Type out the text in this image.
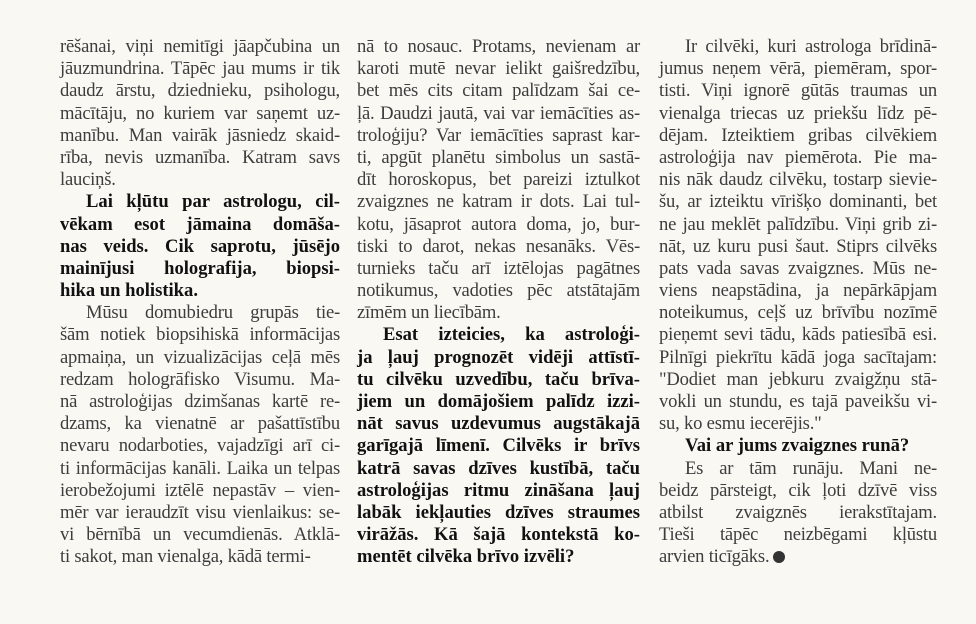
rēšanai, viņi nemitīgi jāapčubina un
jāuzmundrina. Tāpēc jau mums ir tik
daudz ārstu, dziednieku, psihologu,
mācītāju, no kuriem var saņemt uz-
manību. Man vairāk jāsniedz skaid-
rība, nevis uzmanība. Katram savs
lauciņš.
Lai kļūtu par astrologu, cil-
vēkam esot jāmaina domāša-
nas veids. Cik saprotu, jūsējo
mainījusi holografija, biopsi-
hika un holistika.
Mūsu domubiedru grupās tie-
šām notiek biopsihiskā informācijas
apmaiņa, un vizualizācijas ceļā mēs
redzam hologrāfisko Visumu. Ma-
nā astroloģijas dzimšanas kartē re-
dzams, ka vienatnē ar pašattīstību
nevaru nodarboties, vajadzīgi arī ci-
ti informācijas kanāli. Laika un telpas
ierobežojumi iztēlē nepastāv – vien-
mēr var ieraudzīt visu vienlaikus: se-
vi bērnībā un vecumdienās. Atklā-
ti sakot, man vienalga, kādā termi-
nā to nosauc. Protams, nevienam ar
karoti mutē nevar ielikt gaišredzību,
bet mēs cits citam palīdzam šai ce-
ļā. Daudzi jautā, vai var iemācīties as-
troloģiju? Var iemācīties saprast kar-
ti, apgūt planētu simbolus un sastā-
dīt horoskopus, bet pareizi iztulkot
zvaigznes ne katram ir dots. Lai tul-
kotu, jāsaprot autora doma, jo, bur-
tiski to darot, nekas nesanāks. Vēs-
turnieks taču arī iztēlojas pagātnes
notikumus, vadoties pēc atstātajām
zīmēm un liecībām.
Esat izteicies, ka astroloģi-
ja ļauj prognozēt vidēji attīstī-
tu cilvēku uzvedību, taču brīva-
jiem un domājošiem palīdz izzi-
nāt savus uzdevumus augstākajā
garīgajā līmenī. Cilvēks ir brīvs
katrā savas dzīves kustībā, taču
astroloģijas ritmu zināšana ļauj
labāk iekļauties dzīves straumes
virāžās. Kā šajā kontekstā ko-
mentēt cilvēka brīvo izvēli?
Ir cilvēki, kuri astrologa brīdinā-
jumus neņem vērā, piemēram, spor-
tisti. Viņi ignorē gūtās traumas un
vienalga triecas uz priekšu līdz pē-
dējam. Izteiktiem gribas cilvēkiem
astroloģija nav piemērota. Pie ma-
nis nāk daudz cilvēku, tostarp sievie-
šu, ar izteiktu vīrišķo dominanti, bet
ne jau meklēt palīdzību. Viņi grib zi-
nāt, uz kuru pusi šaut. Stiprs cilvēks
pats vada savas zvaigznes. Mūs ne-
viens neapstādina, ja nepārkāpjam
noteikumus, ceļš uz brīvību nozīmē
pieņemt sevi tādu, kāds patiesībā esi.
Pilnīgi piekrītu kādā joga sacītajam:
"Dodiet man jebkuru zvaigžņu stā-
vokli un stundu, es tajā paveikšu vi-
su, ko esmu iecerējis."
Vai ar jums zvaigznes runā?
Es ar tām runāju. Mani ne-
beidz pārsteigt, cik ļoti dzīvē viss
atbilst zvaigznēs ierakstītajam.
Tieši tāpēc neizbēgami kļūstu
arvien ticīgāks.
